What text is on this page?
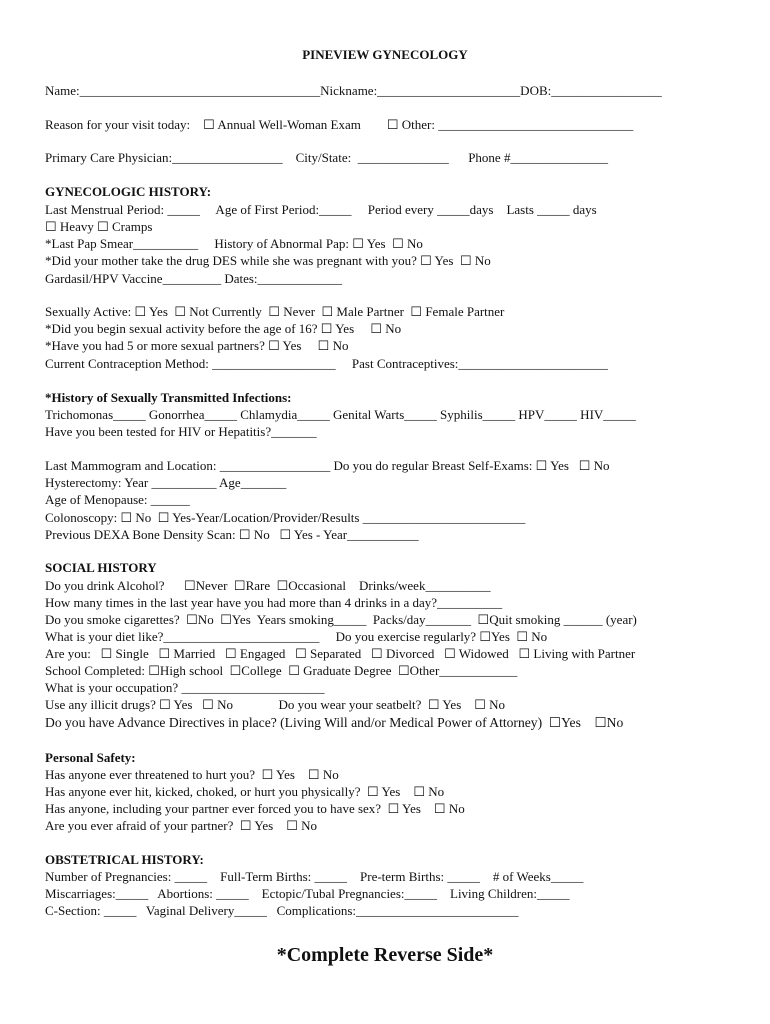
PINEVIEW GYNECOLOGY
Name:_____________________________________Nickname:______________________DOB:_________________
Reason for your visit today:    ☐ Annual Well-Woman Exam        ☐ Other: ______________________________
Primary Care Physician:_________________    City/State:  ______________      Phone #_______________
GYNECOLOGIC HISTORY:
Last Menstrual Period: _____     Age of First Period:_____     Period every _____days    Lasts _____ days
☐ Heavy ☐ Cramps
*Last Pap Smear__________     History of Abnormal Pap: ☐ Yes  ☐ No
*Did your mother take the drug DES while she was pregnant with you? ☐ Yes  ☐ No
Gardasil/HPV Vaccine_________ Dates:_____________
Sexually Active: ☐ Yes  ☐ Not Currently  ☐ Never  ☐ Male Partner  ☐ Female Partner
*Did you begin sexual activity before the age of 16? ☐ Yes     ☐ No
*Have you had 5 or more sexual partners? ☐ Yes     ☐ No
Current Contraception Method: ___________________     Past Contraceptives:_______________________
*History of Sexually Transmitted Infections:
Trichomonas_____ Gonorrhea_____ Chlamydia_____ Genital Warts_____ Syphilis_____ HPV_____ HIV_____
Have you been tested for HIV or Hepatitis?_______
Last Mammogram and Location: _________________ Do you do regular Breast Self-Exams: ☐ Yes   ☐ No
Hysterectomy: Year __________ Age_______
Age of Menopause: ______
Colonoscopy: ☐ No  ☐ Yes-Year/Location/Provider/Results _________________________
Previous DEXA Bone Density Scan: ☐ No   ☐ Yes - Year___________
SOCIAL HISTORY
Do you drink Alcohol?      ☐Never  ☐Rare  ☐Occasional    Drinks/week__________
How many times in the last year have you had more than 4 drinks in a day?__________
Do you smoke cigarettes?  ☐No  ☐Yes  Years smoking_____  Packs/day_______  ☐Quit smoking ______ (year)
What is your diet like?________________________     Do you exercise regularly? ☐Yes  ☐ No
Are you:   ☐ Single   ☐ Married   ☐ Engaged   ☐ Separated   ☐ Divorced   ☐ Widowed   ☐ Living with Partner
School Completed: ☐High school  ☐College  ☐ Graduate Degree  ☐Other____________
What is your occupation? ______________________
Use any illicit drugs? ☐ Yes   ☐ No              Do you wear your seatbelt?  ☐ Yes    ☐ No
Do you have Advance Directives in place? (Living Will and/or Medical Power of Attorney)  ☐Yes    ☐No
Personal Safety:
Has anyone ever threatened to hurt you?  ☐ Yes    ☐ No
Has anyone ever hit, kicked, choked, or hurt you physically?  ☐ Yes    ☐ No
Has anyone, including your partner ever forced you to have sex?  ☐ Yes    ☐ No
Are you ever afraid of your partner?  ☐ Yes    ☐ No
OBSTETRICAL HISTORY:
Number of Pregnancies: _____    Full-Term Births: _____    Pre-term Births: _____    # of Weeks_____
Miscarriages:_____   Abortions: _____    Ectopic/Tubal Pregnancies:_____    Living Children:_____
C-Section: _____   Vaginal Delivery_____   Complications:_________________________
*Complete Reverse Side*
